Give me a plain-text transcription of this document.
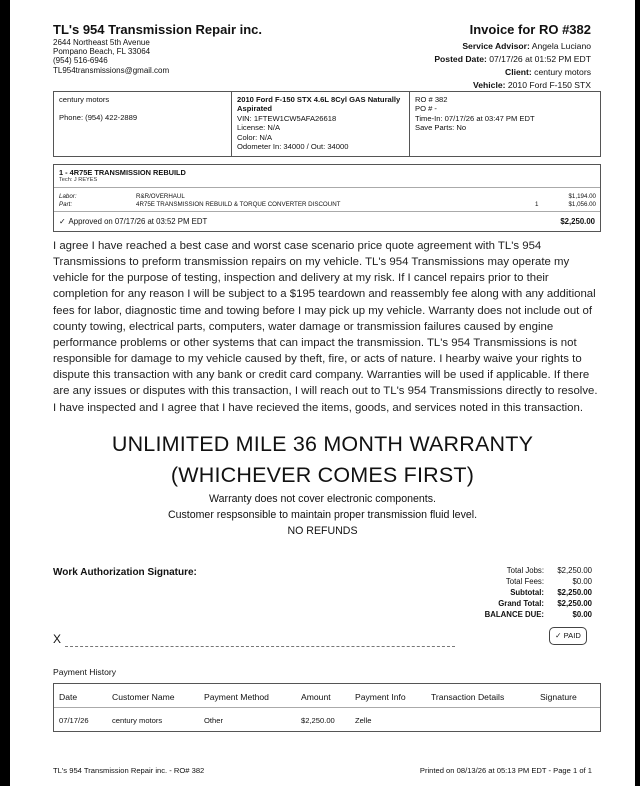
TL's 954 Transmission Repair inc.
2644 Northeast 5th Avenue
Pompano Beach, FL 33064
(954) 516-6946
TL954transmissions@gmail.com
Invoice for RO #382
Service Advisor: Angela Luciano
Posted Date: 07/17/26 at 01:52 PM EDT
Client: century motors
Vehicle: 2010 Ford F-150 STX
century motors
Phone: (954) 422-2889
2010 Ford F-150 STX 4.6L 8Cyl GAS Naturally Aspirated
VIN: 1FTEW1CW5AFA26618
License: N/A
Color: N/A
Odometer In: 34000 / Out: 34000
RO # 382
PO # -
Time-In: 07/17/26 at 03:47 PM EDT
Save Parts: No
1 - 4R75E TRANSMISSION REBUILD
Tech: J REYES
Labor:	R&R/OVERHAUL	$1,194.00
Part:	4R75E TRANSMISSION REBUILD & TORQUE CONVERTER DISCOUNT	1	$1,056.00
✓ Approved on 07/17/26 at 03:52 PM EDT	$2,250.00
I agree I have reached a best case and worst case scenario price quote agreement with TL's 954 Transmissions to preform transmission repairs on my vehicle. TL's 954 Transmissions may operate my vehicle for the purpose of testing, inspection and delivery at my risk. If I cancel repairs prior to their completion for any reason I will be subject to a $195 teardown and reassembly fee along with any additional fees for labor, diagnostic time and towing before I may pick up my vehicle. Warranty does not include out of county towing, electrical parts, computers, water damage or transmission failures caused by engine performance problems or other systems that can impact the transmission. TL's 954 Transmissions is not responsible for damage to my vehicle caused by theft, fire, or acts of nature. I hearby waive your rights to dispute this transaction with any bank or credit card company. Warranties will be used if applicable. If there are any issues or disputes with this transaction, I will reach out to TL's 954 Transmissions directly to resolve. I have inspected and I agree that I have recieved the items, goods, and services noted in this transaction.
UNLIMITED MILE 36 MONTH WARRANTY
(WHICHEVER COMES FIRST)
Warranty does not cover electronic components.
Customer respsonsible to maintain proper transmission fluid level.
NO REFUNDS
Work Authorization Signature:	Total Jobs:	$2,250.00
Total Fees:	$0.00
Subtotal:	$2,250.00
Grand Total:	$2,250.00
BALANCE DUE:	$0.00
✓ PAID
X
Payment History
Date	Customer Name	Payment Method	Amount	Payment Info	Transaction Details	Signature
07/17/26	century motors	Other	$2,250.00	Zelle
TL's 954 Transmission Repair inc. - RO# 382	Printed on 08/13/26 at 05:13 PM EDT - Page 1 of 1
